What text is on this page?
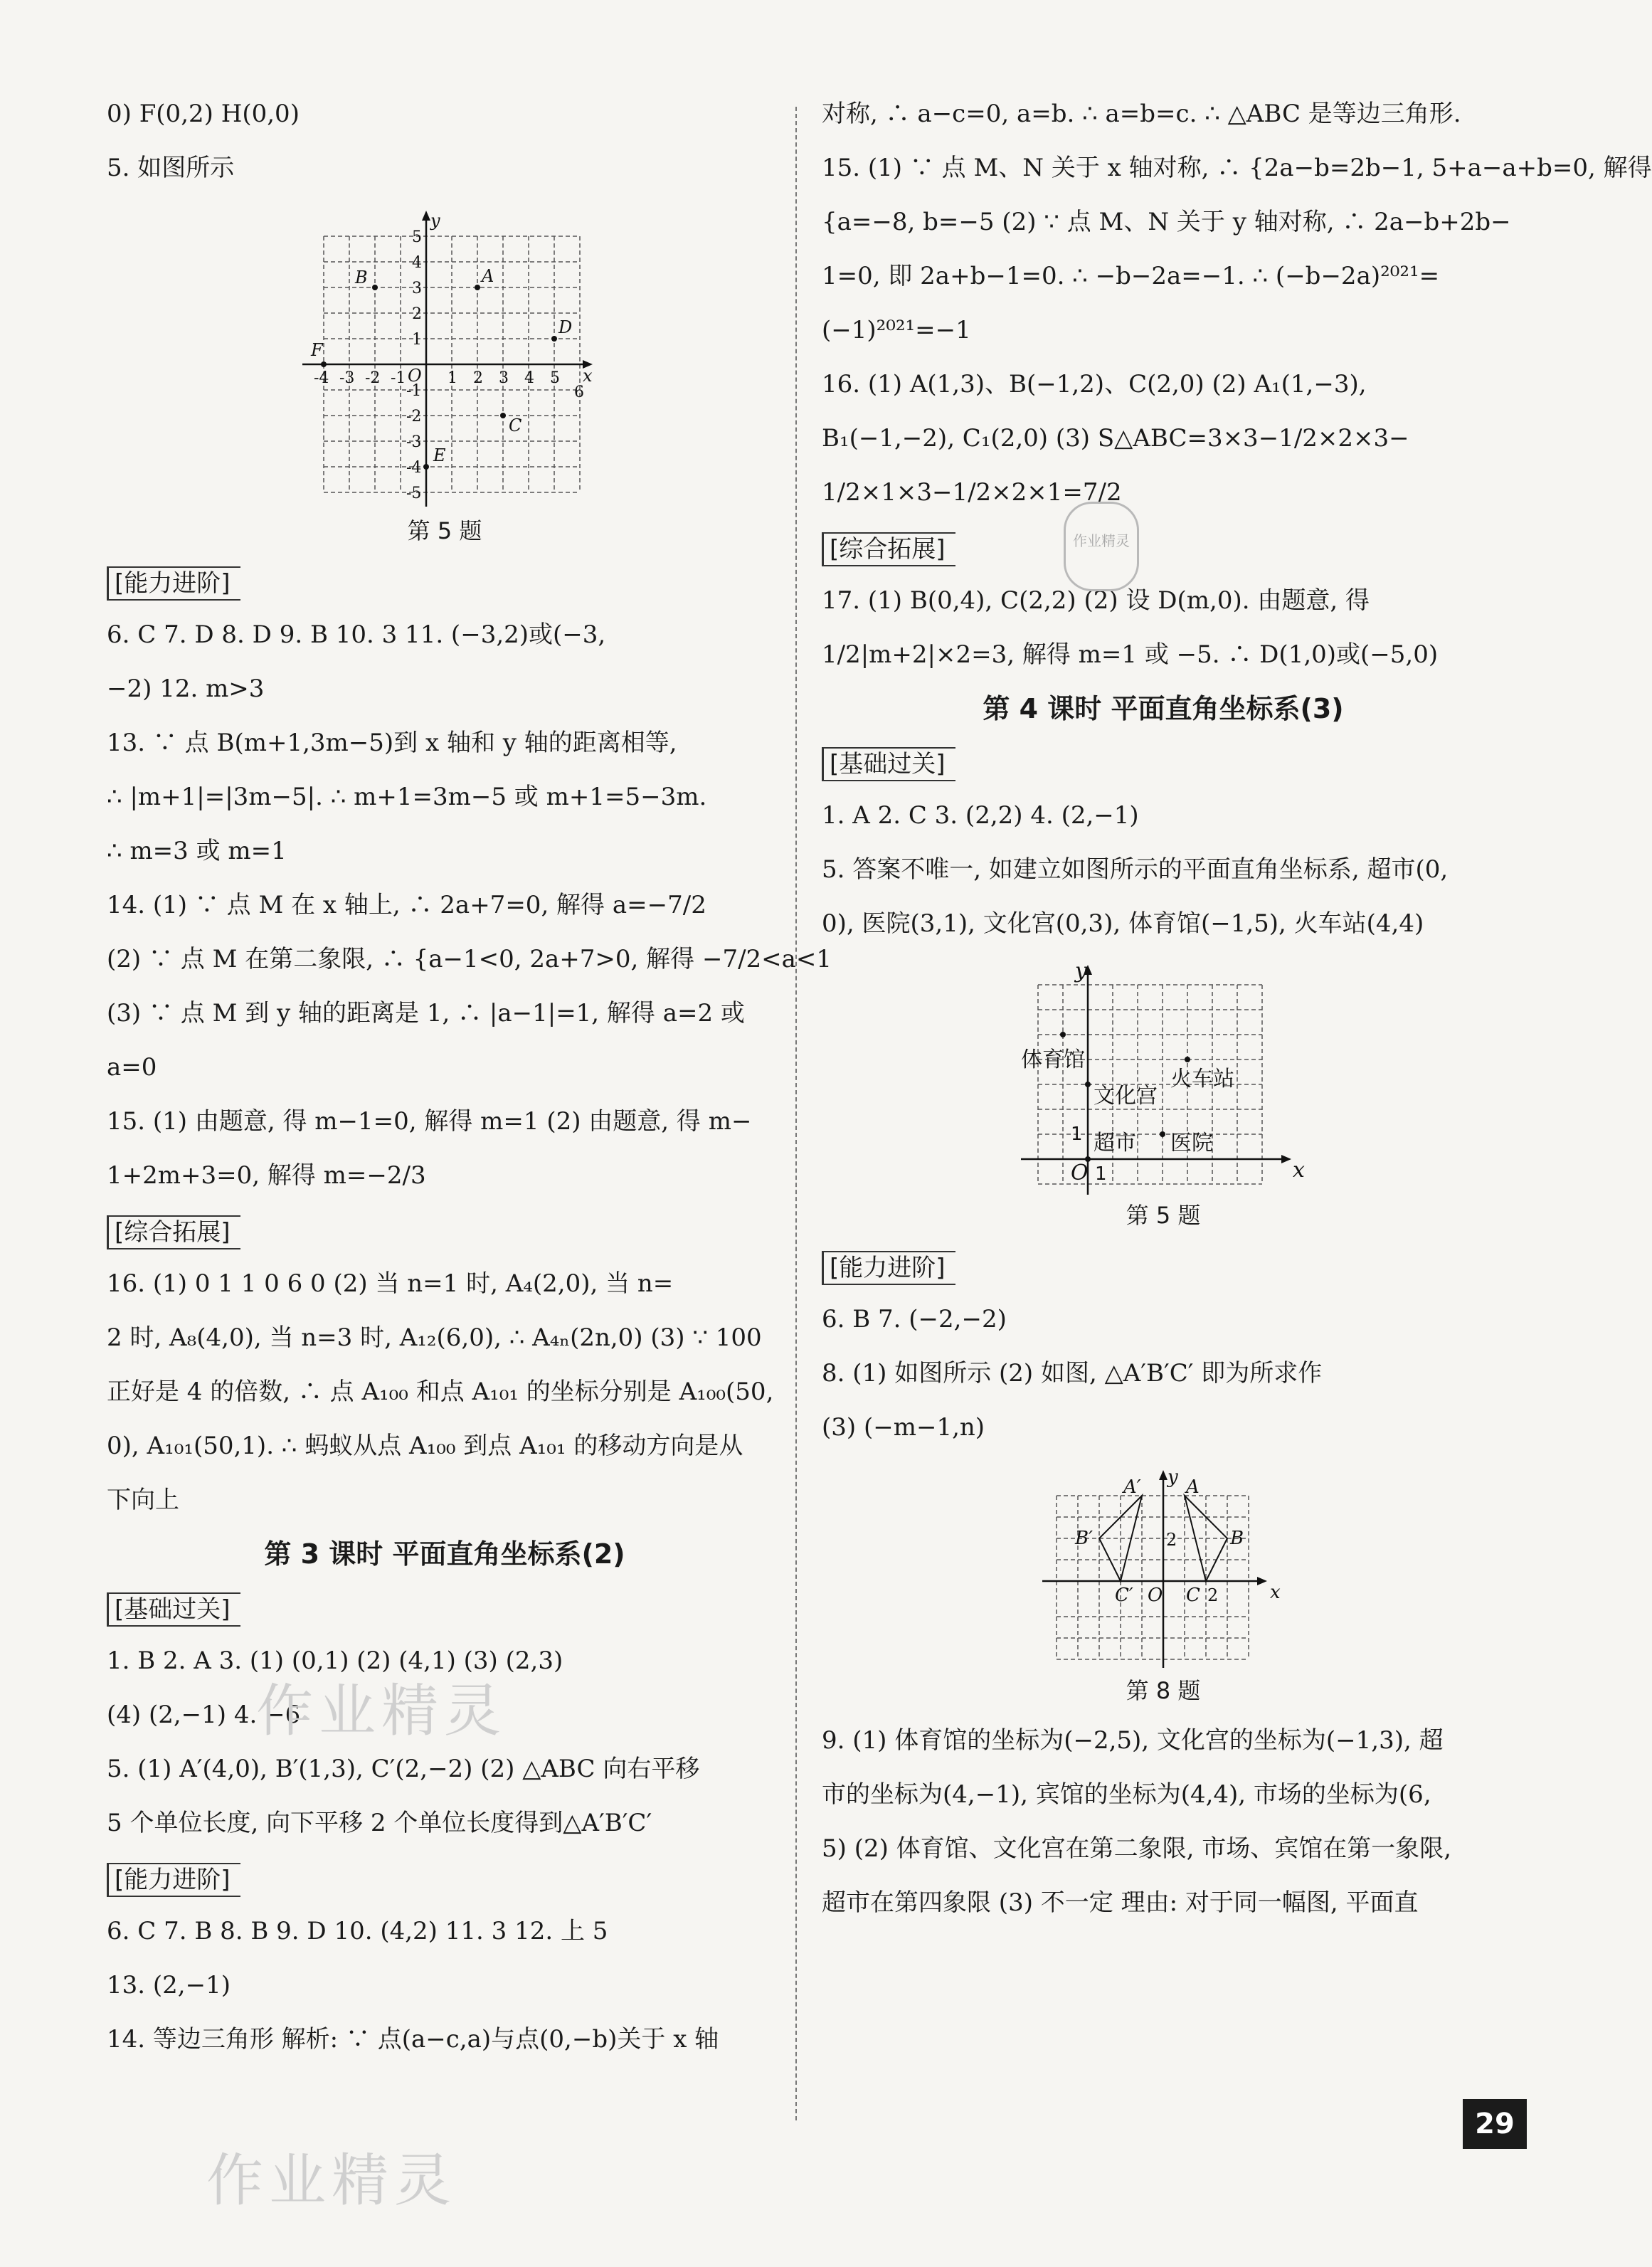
0) F(0,2) H(0,0)
5. 如图所示
y
x
O
B	A
D
C
E
F
-4 -3 -2 -1	1 2 3 4 5
6
5
4
3
2
1
-1
-2
-3
-4
-5
第 5 题
[能力进阶]
6. C 7. D 8. D 9. B 10. 3 11. (−3,2)或(−3,
−2) 12. m>3
13. ∵ 点 B(m+1,3m−5)到 x 轴和 y 轴的距离相等,
∴ |m+1|=|3m−5|. ∴ m+1=3m−5 或 m+1=5−3m.
∴ m=3 或 m=1
14. (1) ∵ 点 M 在 x 轴上, ∴ 2a+7=0, 解得 a=−7/2
(2) ∵ 点 M 在第二象限, ∴ {a−1<0, 2a+7>0, 解得 −7/2<a<1
(3) ∵ 点 M 到 y 轴的距离是 1, ∴ |a−1|=1, 解得 a=2 或
a=0
15. (1) 由题意, 得 m−1=0, 解得 m=1 (2) 由题意, 得 m−
1+2m+3=0, 解得 m=−2/3
[综合拓展]
16. (1) 0 1 1 0 6 0 (2) 当 n=1 时, A₄(2,0), 当 n=
2 时, A₈(4,0), 当 n=3 时, A₁₂(6,0), ∴ A₄ₙ(2n,0) (3) ∵ 100
正好是 4 的倍数, ∴ 点 A₁₀₀ 和点 A₁₀₁ 的坐标分别是 A₁₀₀(50,
0), A₁₀₁(50,1). ∴ 蚂蚁从点 A₁₀₀ 到点 A₁₀₁ 的移动方向是从
下向上
第 3 课时 平面直角坐标系(2)
[基础过关]
1. B 2. A 3. (1) (0,1) (2) (4,1) (3) (2,3)
(4) (2,−1) 4. −6
5. (1) A′(4,0), B′(1,3), C′(2,−2) (2) △ABC 向右平移
5 个单位长度, 向下平移 2 个单位长度得到△A′B′C′
[能力进阶]
6. C 7. B 8. B 9. D 10. (4,2) 11. 3 12. 上 5
13. (2,−1)
14. 等边三角形 解析: ∵ 点(a−c,a)与点(0,−b)关于 x 轴
对称, ∴ a−c=0, a=b. ∴ a=b=c. ∴ △ABC 是等边三角形.
15. (1) ∵ 点 M、N 关于 x 轴对称, ∴ {2a−b=2b−1, 5+a−a+b=0, 解得
{a=−8, b=−5 (2) ∵ 点 M、N 关于 y 轴对称, ∴ 2a−b+2b−
1=0, 即 2a+b−1=0. ∴ −b−2a=−1. ∴ (−b−2a)²⁰²¹=
(−1)²⁰²¹=−1
16. (1) A(1,3)、B(−1,2)、C(2,0) (2) A₁(1,−3),
B₁(−1,−2), C₁(2,0) (3) S△ABC=3×3−1/2×2×3−
1/2×1×3−1/2×2×1=7/2
[综合拓展]
17. (1) B(0,4), C(2,2) (2) 设 D(m,0). 由题意, 得
1/2|m+2|×2=3, 解得 m=1 或 −5. ∴ D(1,0)或(−5,0)
第 4 课时 平面直角坐标系(3)
[基础过关]
1. A 2. C 3. (2,2) 4. (2,−1)
5. 答案不唯一, 如建立如图所示的平面直角坐标系, 超市(0,
0), 医院(3,1), 文化宫(0,3), 体育馆(−1,5), 火车站(4,4)
y
x
O 1
1
体育馆
火车站
文化宫
超市 医院
第 5 题
[能力进阶]
6. B 7. (−2,−2)
8. (1) 如图所示 (2) 如图, △A′B′C′ 即为所求作
(3) (−m−1,n)
y
x
O
A
B
C
A′
B′
C′
2
2
第 8 题
9. (1) 体育馆的坐标为(−2,5), 文化宫的坐标为(−1,3), 超
市的坐标为(4,−1), 宾馆的坐标为(4,4), 市场的坐标为(6,
5) (2) 体育馆、文化宫在第二象限, 市场、宾馆在第一象限,
超市在第四象限 (3) 不一定 理由: 对于同一幅图, 平面直
作业精灵
作业精灵
作业精灵
29
